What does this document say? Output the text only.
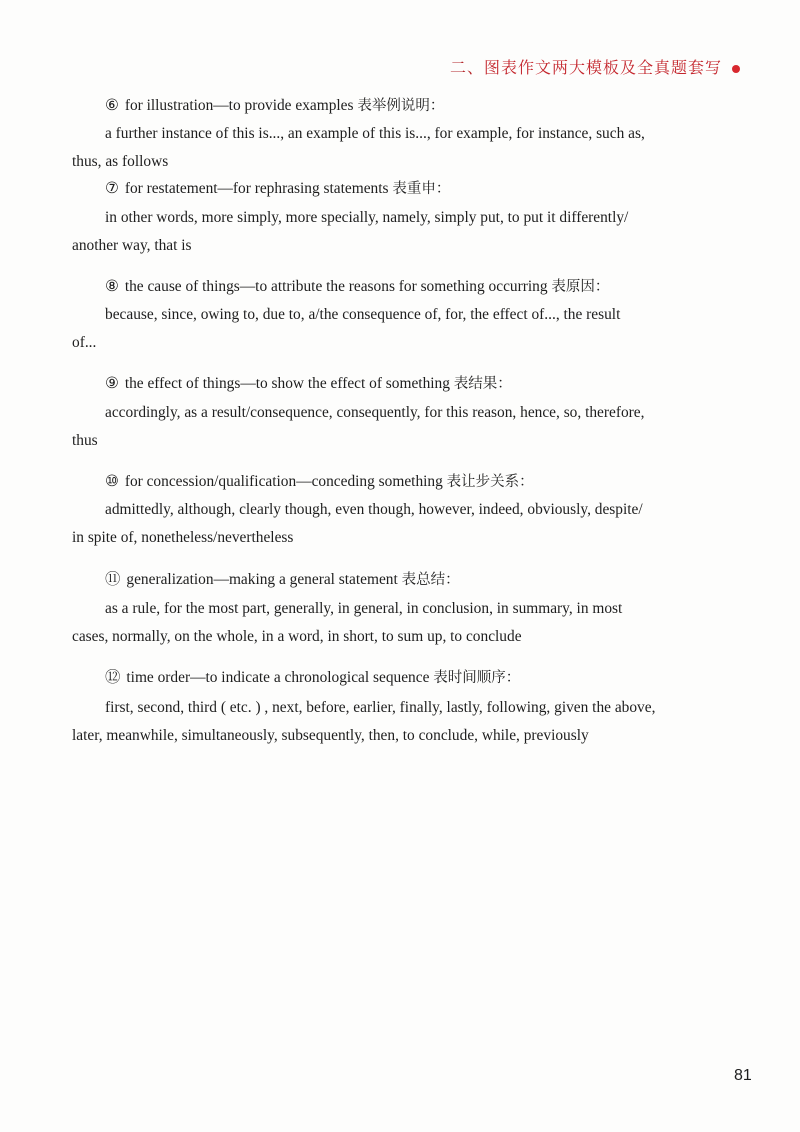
二、 图表作文两大模板及全真题套写
⑥ for illustration—to provide examples 表举例说明：
a further instance of this is..., an example of this is..., for example, for instance, such as,
thus, as follows
⑦ for restatement—for rephrasing statements 表重申：
in other words, more simply, more specially, namely, simply put, to put it differently/
another way, that is
⑧ the cause of things—to attribute the reasons for something occurring 表原因：
because, since, owing to, due to, a/the consequence of, for, the effect of..., the result
of...
⑨ the effect of things—to show the effect of something 表结果：
accordingly, as a result/consequence, consequently, for this reason, hence, so, therefore,
thus
⑩ for concession/qualification—conceding something 表让步关系：
admittedly, although, clearly though, even though, however, indeed, obviously, despite/
in spite of, nonetheless/nevertheless
⑪ generalization—making a general statement 表总结：
as a rule, for the most part, generally, in general, in conclusion, in summary, in most
cases, normally, on the whole, in a word, in short, to sum up, to conclude
⑫ time order—to indicate a chronological sequence 表时间顺序：
first, second, third ( etc. ) , next, before, earlier, finally, lastly, following, given the above,
later, meanwhile, simultaneously, subsequently, then, to conclude, while, previously
81
